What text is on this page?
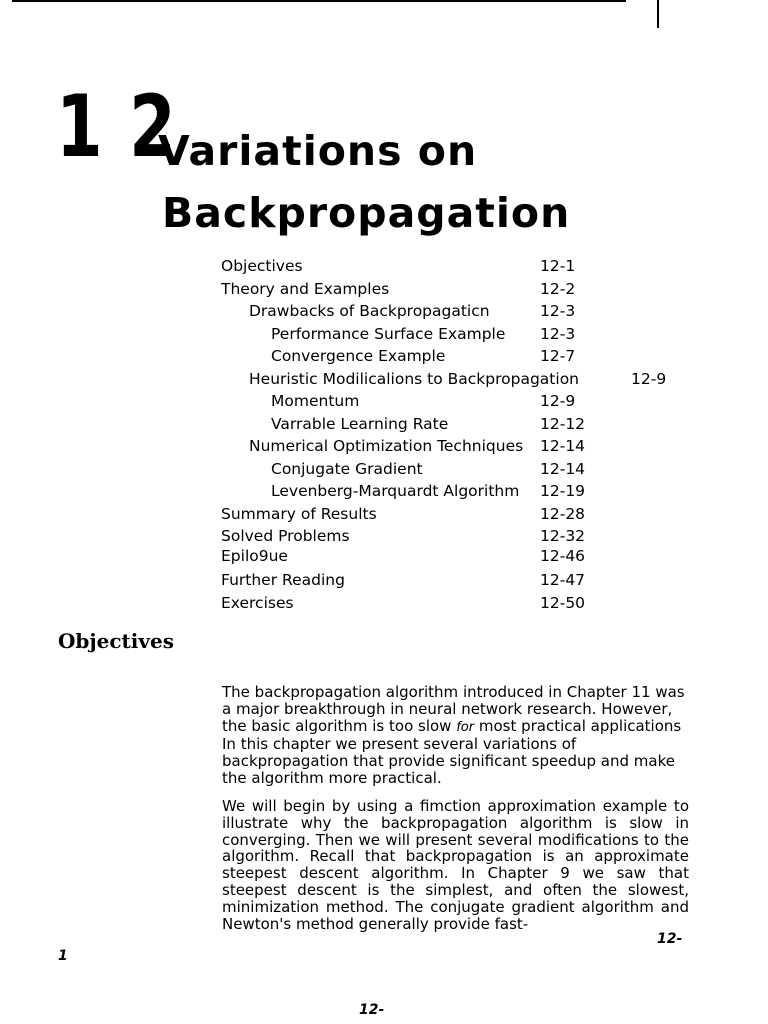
1 2
Variations on
Backpropagation
Objectives	12-1
Theory and Examples	12-2
Drawbacks of Backpropagaticn	12-3
Performance Surface Example 12-3
Convergence Example	12-7
Heuristic Modilicalions to Backpropagation	12-9
Momentum	12-9
Varrable Learning Rate	12-12
Numerical Optimization Techniques 12-14
Conjugate Gradient	12-14
Levenberg-Marquardt Algorithm 12-19
Summary of Results	12-28
Solved Problems	12-32
Epilo9ue	12-46
Further Reading	12-47
Exercises	12-50
Objectives
The backpropagation algorithm introduced in Chapter 11 was a major breakthrough in neural network research. However, the basic algorithm is too slow for most practical applications In this chapter we present several variations of backpropagation that provide significant speedup and make the algorithm more practical.
We will begin by using a fimction approximation example to illustrate why the backpropagation algorithm is slow in converging. Then we will present several modifications to the algorithm. Recall that backpropagation is an approximate steepest descent algorithm. In Chapter 9 we saw that steepest descent is the simplest, and often the slowest, minimization method. The conjugate gradient algorithm and Newton's method generally provide fast-
12-
1
12-
